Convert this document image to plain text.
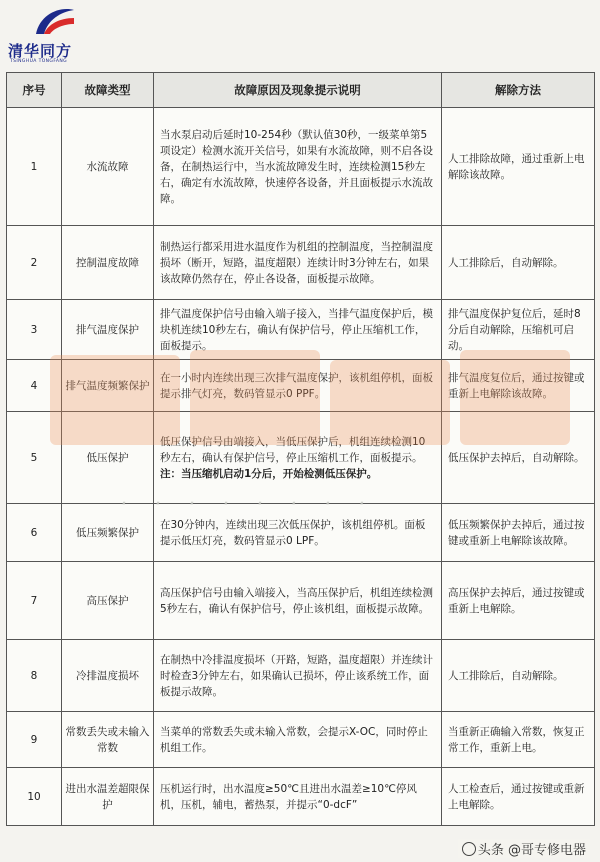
清华同方
TSINGHUA TONGFANG
序号	故障类型	故障原因及现象提示说明	解除方法
1	水流故障	当水泵启动后延时10-254秒（默认值30秒，一级菜单第5项设定）检测水流开关信号，如果有水流故障，则不启各设备，在制热运行中，当水流故障发生时，连续检测15秒左右，确定有水流故障，快速停各设备，并且面板提示水流故障。	人工排除故障，通过重新上电解除该故障。
2	控制温度故障	制热运行都采用进水温度作为机组的控制温度，当控制温度损坏（断开，短路，温度超限）连续计时3分钟左右，如果该故障仍然存在，停止各设备，面板提示故障。	人工排除后，自动解除。
3	排气温度保护	排气温度保护信号由输入端子接入，当排气温度保护后，模块机连续10秒左右，确认有保护信号，停止压缩机工作，面板提示。	排气温度保护复位后，延时8分后自动解除，压缩机可启动。
4	排气温度频繁保护	在一小时内连续出现三次排气温度保护，该机组停机，面板提示排气灯亮，数码管显示0 PPF。	排气温度复位后，通过按键或重新上电解除该故障。
5	低压保护	低压保护信号由端接入，当低压保护后，机组连续检测10秒左右，确认有保护信号，停止压缩机工作，面板提示。
注：当压缩机启动1分后，开始检测低压保护。	低压保护去掉后，自动解除。
6	低压频繁保护	在30分钟内，连续出现三次低压保护，该机组停机。面板提示低压灯亮，数码管显示0 LPF。	低压频繁保护去掉后，通过按键或重新上电解除该故障。
7	高压保护	高压保护信号由输入端接入，当高压保护后，机组连续检测5秒左右，确认有保护信号，停止该机组，面板提示故障。	高压保护去掉后，通过按键或重新上电解除。
8	冷排温度损坏	在制热中冷排温度损坏（开路，短路，温度超限）并连续计时检查3分钟左右，如果确认已损坏，停止该系统工作，面板提示故障。	人工排除后，自动解除。
9	常数丢失或未输入常数	当菜单的常数丢失或未输入常数，会提示X-OC，同时停止机组工作。	当重新正确输入常数，恢复正常工作，重新上电。
10	进出水温差超限保护	压机运行时，出水温度≥50℃且进出水温差≥10℃停风机，压机，辅电，蓄热泵，并提示“0-dcF”	人工检查后，通过按键或重新上电解除。
· · · · · · · ·
头条 @哥专修电器
